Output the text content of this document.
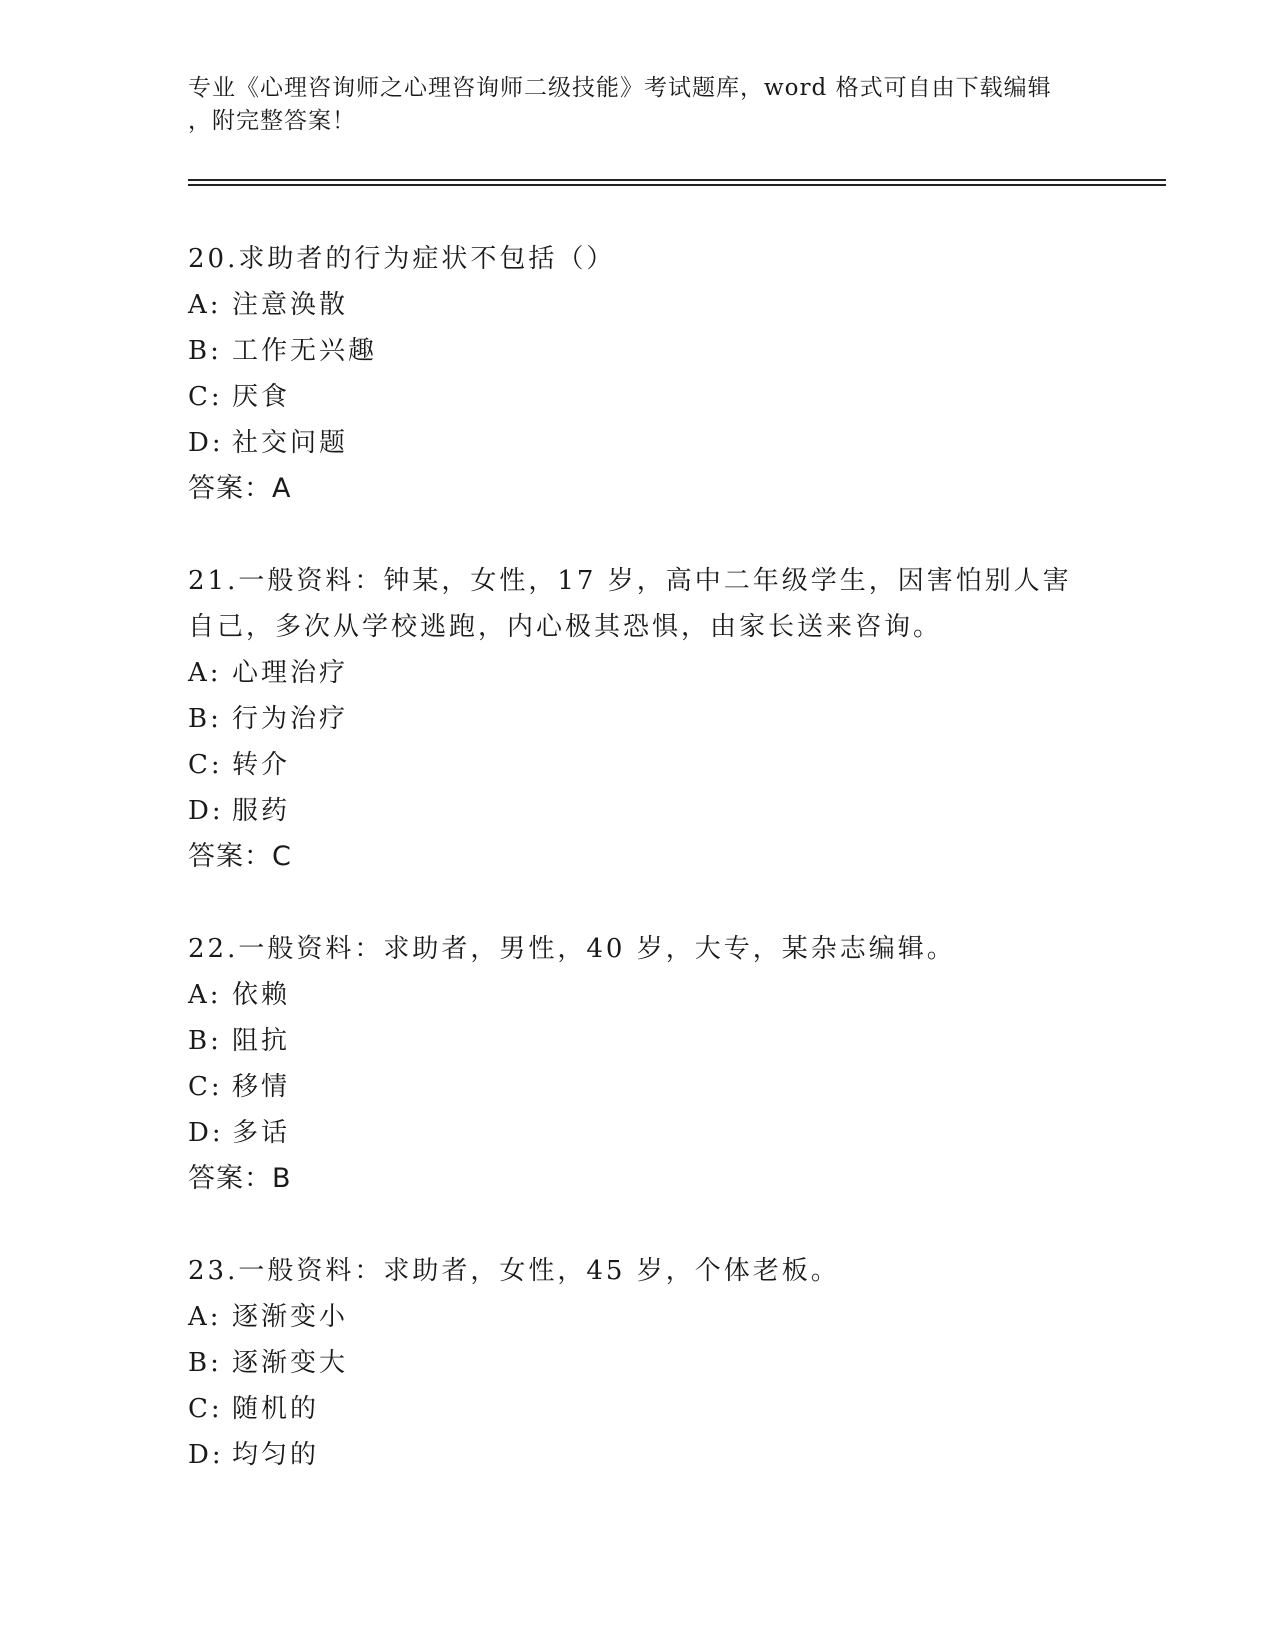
专业《心理咨询师之心理咨询师二级技能》考试题库，word 格式可自由下载编辑
，附完整答案！

20.求助者的行为症状不包括（）

A: 注意涣散

B: 工作无兴趣

C: 厌食

D: 社交问题

答案：A

21.一般资料：钟某，女性，17 岁，高中二年级学生，因害怕别人害自己，多次从学校逃跑，内心极其恐惧，由家长送来咨询。

A: 心理治疗

B: 行为治疗

C: 转介

D: 服药

答案：C

22.一般资料：求助者，男性，40 岁，大专，某杂志编辑。

A: 依赖

B: 阻抗

C: 移情

D: 多话

答案：B

23.一般资料：求助者，女性，45 岁，个体老板。

A: 逐渐变小

B: 逐渐变大

C: 随机的

D: 均匀的
